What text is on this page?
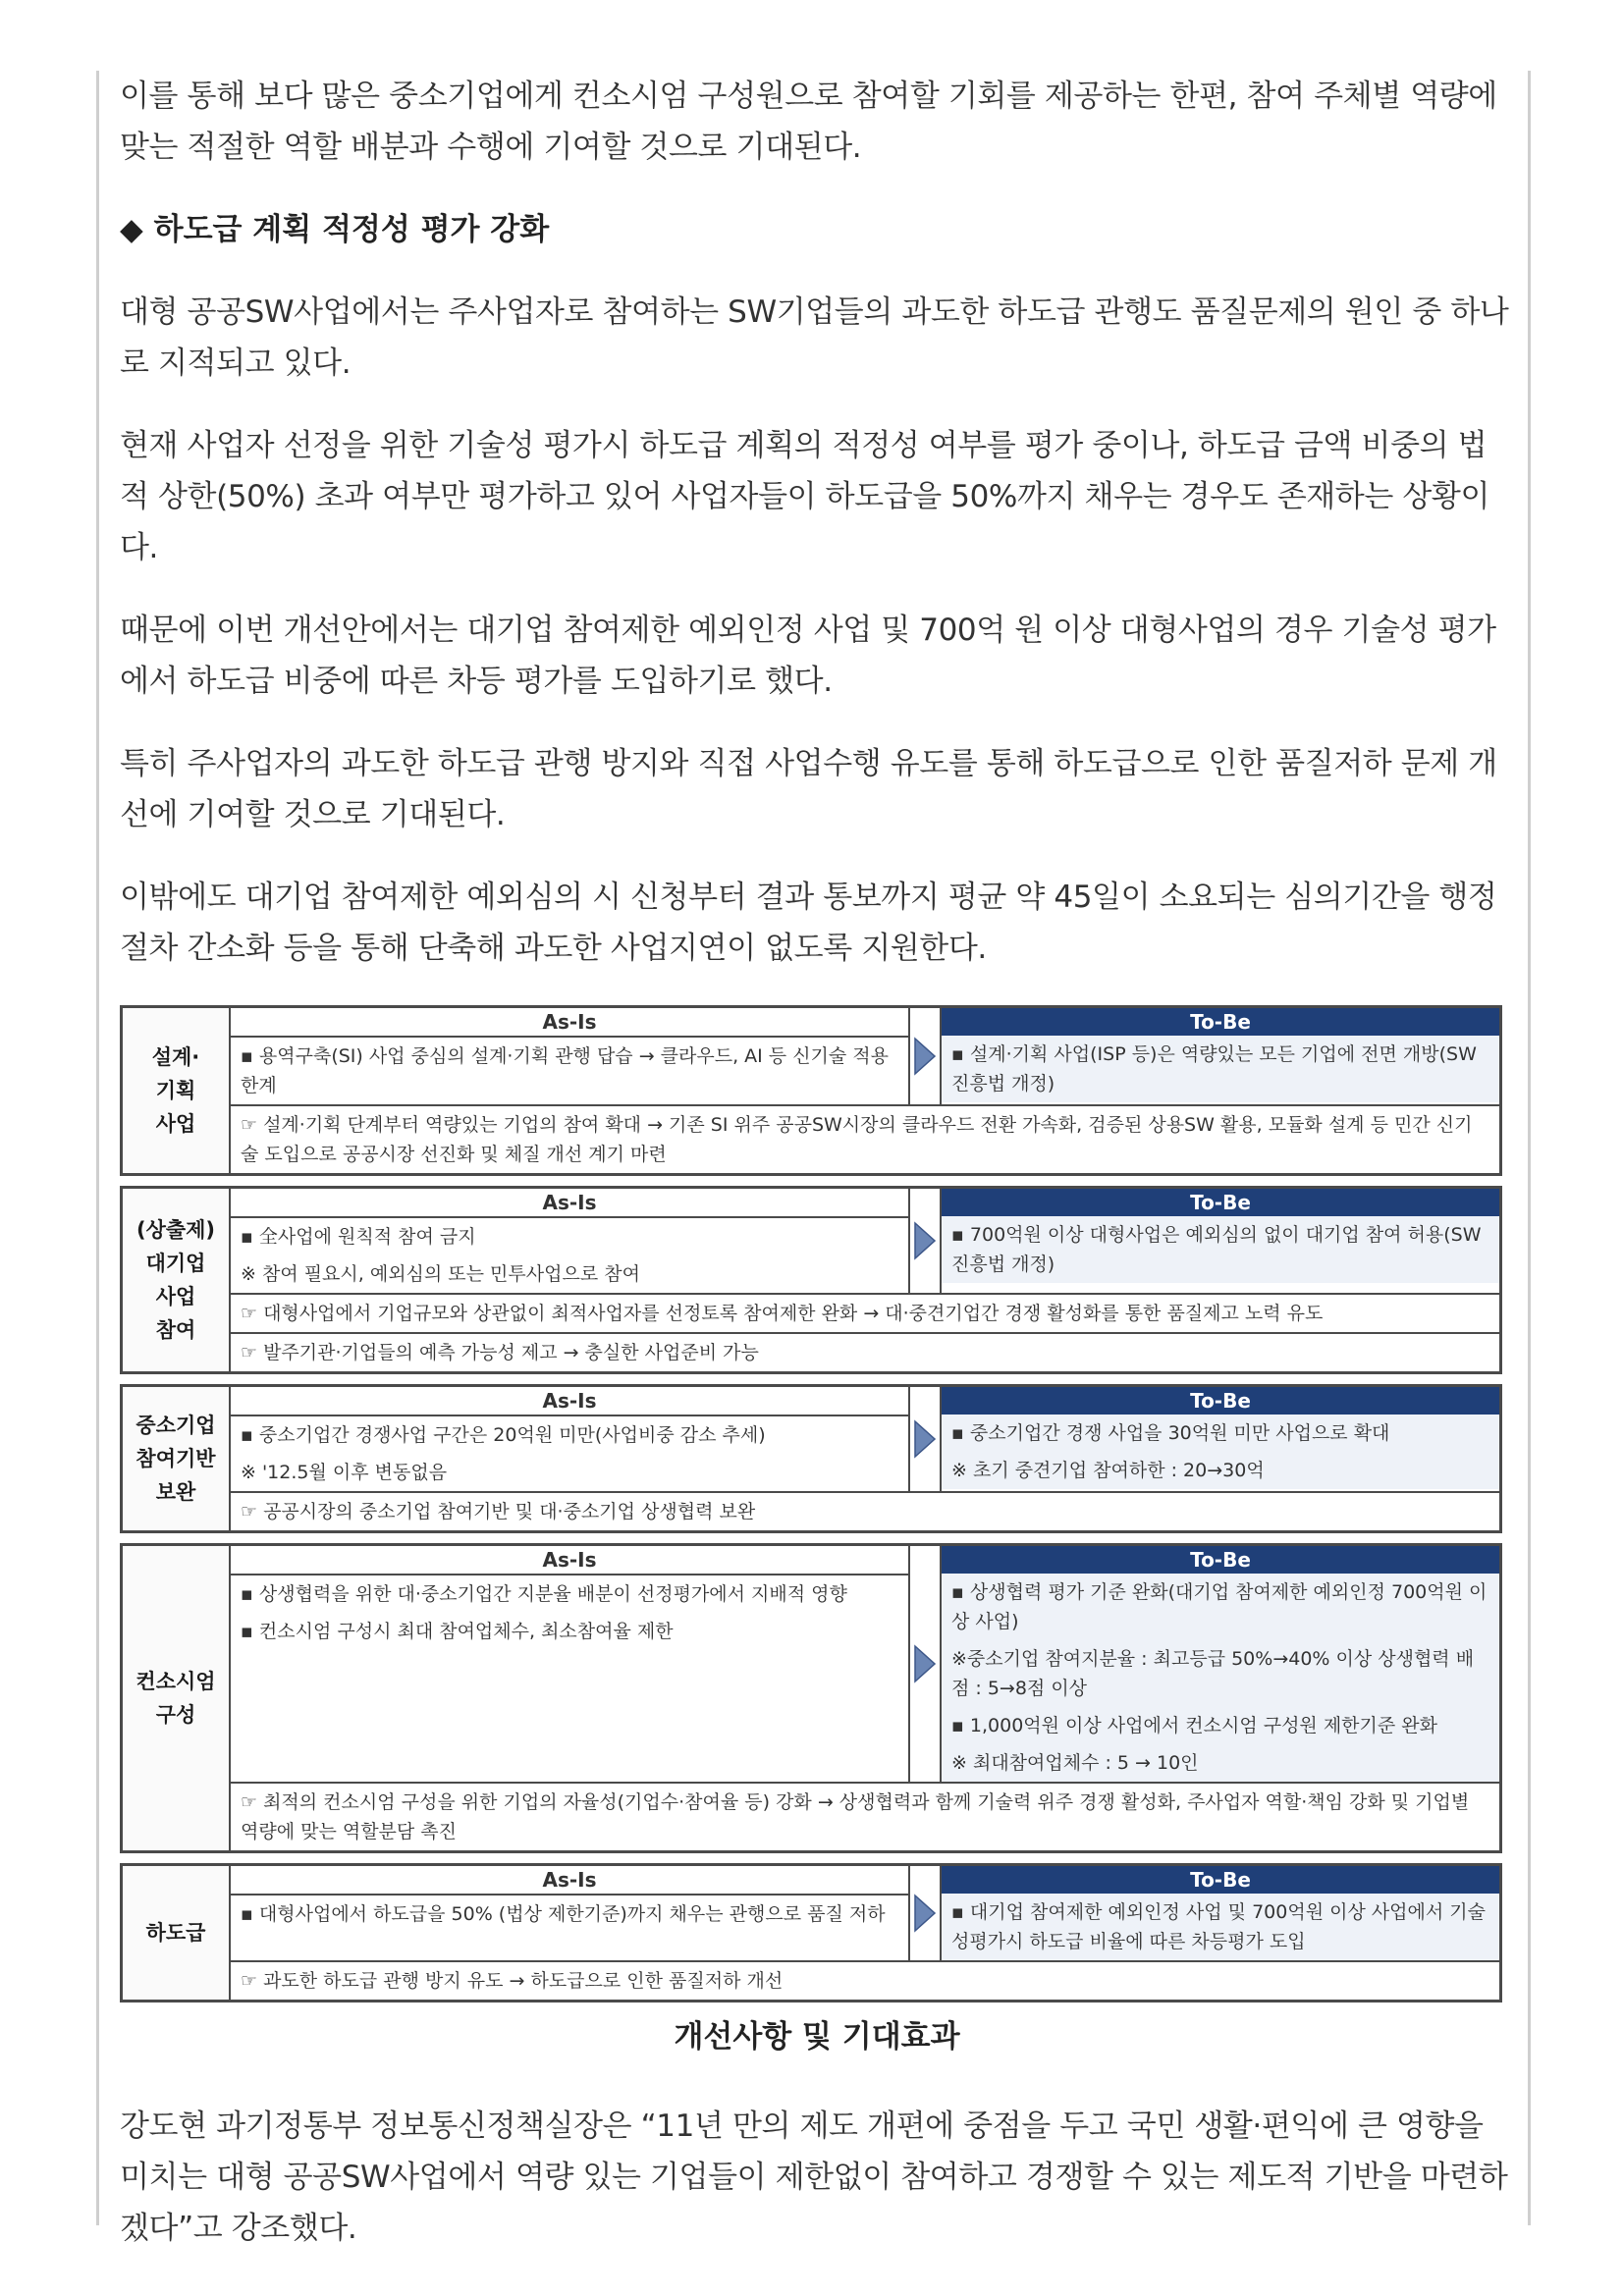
이를 통해 보다 많은 중소기업에게 컨소시엄 구성원으로 참여할 기회를 제공하는 한편, 참여 주체별 역량에 맞는 적절한 역할 배분과 수행에 기여할 것으로 기대된다.

◆ 하도급 계획 적정성 평가 강화

대형 공공SW사업에서는 주사업자로 참여하는 SW기업들의 과도한 하도급 관행도 품질문제의 원인 중 하나로 지적되고 있다.

현재 사업자 선정을 위한 기술성 평가시 하도급 계획의 적정성 여부를 평가 중이나, 하도급 금액 비중의 법적 상한(50%) 초과 여부만 평가하고 있어 사업자들이 하도급을 50%까지 채우는 경우도 존재하는 상황이다.

때문에 이번 개선안에서는 대기업 참여제한 예외인정 사업 및 700억 원 이상 대형사업의 경우 기술성 평가에서 하도급 비중에 따른 차등 평가를 도입하기로 했다.

특히 주사업자의 과도한 하도급 관행 방지와 직접 사업수행 유도를 통해 하도급으로 인한 품질저하 문제 개선에 기여할 것으로 기대된다.

이밖에도 대기업 참여제한 예외심의 시 신청부터 결과 통보까지 평균 약 45일이 소요되는 심의기간을 행정절차 간소화 등을 통해 단축해 과도한 사업지연이 없도록 지원한다.

설계·
기획
사업
As-Is
▪ 용역구축(SI) 사업 중심의 설계·기획 관행 답습 → 클라우드, AI 등 신기술 적용 한계
To-Be
▪ 설계·기획 사업(ISP 등)은 역량있는 모든 기업에 전면 개방(SW진흥법 개정)
☞ 설계·기획 단계부터 역량있는 기업의 참여 확대 → 기존 SI 위주 공공SW시장의 클라우드 전환 가속화, 검증된 상용SW 활용, 모듈화 설계 등 민간 신기술 도입으로 공공시장 선진화 및 체질 개선 계기 마련
(상출제)
대기업
사업
참여
As-Is
▪ 全사업에 원칙적 참여 금지
※ 참여 필요시, 예외심의 또는 민투사업으로 참여
To-Be
▪ 700억원 이상 대형사업은 예외심의 없이 대기업 참여 허용(SW진흥법 개정)
☞ 대형사업에서 기업규모와 상관없이 최적사업자를 선정토록 참여제한 완화 → 대·중견기업간 경쟁 활성화를 통한 품질제고 노력 유도
☞ 발주기관·기업들의 예측 가능성 제고 → 충실한 사업준비 가능
중소기업
참여기반
보완
As-Is
▪ 중소기업간 경쟁사업 구간은 20억원 미만(사업비중 감소 추세)
※ '12.5월 이후 변동없음
To-Be
▪ 중소기업간 경쟁 사업을 30억원 미만 사업으로 확대
※ 초기 중견기업 참여하한 : 20→30억
☞ 공공시장의 중소기업 참여기반 및 대·중소기업 상생협력 보완
컨소시엄
구성
As-Is
▪ 상생협력을 위한 대·중소기업간 지분율 배분이 선정평가에서 지배적 영향
▪ 컨소시엄 구성시 최대 참여업체수, 최소참여율 제한
To-Be
▪ 상생협력 평가 기준 완화(대기업 참여제한 예외인정 700억원 이상 사업)
※중소기업 참여지분율 : 최고등급 50%→40% 이상 상생협력 배점 : 5→8점 이상
▪ 1,000억원 이상 사업에서 컨소시엄 구성원 제한기준 완화
※ 최대참여업체수 : 5 → 10인
☞ 최적의 컨소시엄 구성을 위한 기업의 자율성(기업수·참여율 등) 강화 → 상생협력과 함께 기술력 위주 경쟁 활성화, 주사업자 역할·책임 강화 및 기업별 역량에 맞는 역할분담 촉진
하도급
As-Is
▪ 대형사업에서 하도급을 50% (법상 제한기준)까지 채우는 관행으로 품질 저하
To-Be
▪ 대기업 참여제한 예외인정 사업 및 700억원 이상 사업에서 기술성평가시 하도급 비율에 따른 차등평가 도입
☞ 과도한 하도급 관행 방지 유도 → 하도급으로 인한 품질저하 개선
개선사항 및 기대효과

강도현 과기정통부 정보통신정책실장은 “11년 만의 제도 개편에 중점을 두고 국민 생활·편익에 큰 영향을 미치는 대형 공공SW사업에서 역량 있는 기업들이 제한없이 참여하고 경쟁할 수 있는 제도적 기반을 마련하겠다”고 강조했다.
